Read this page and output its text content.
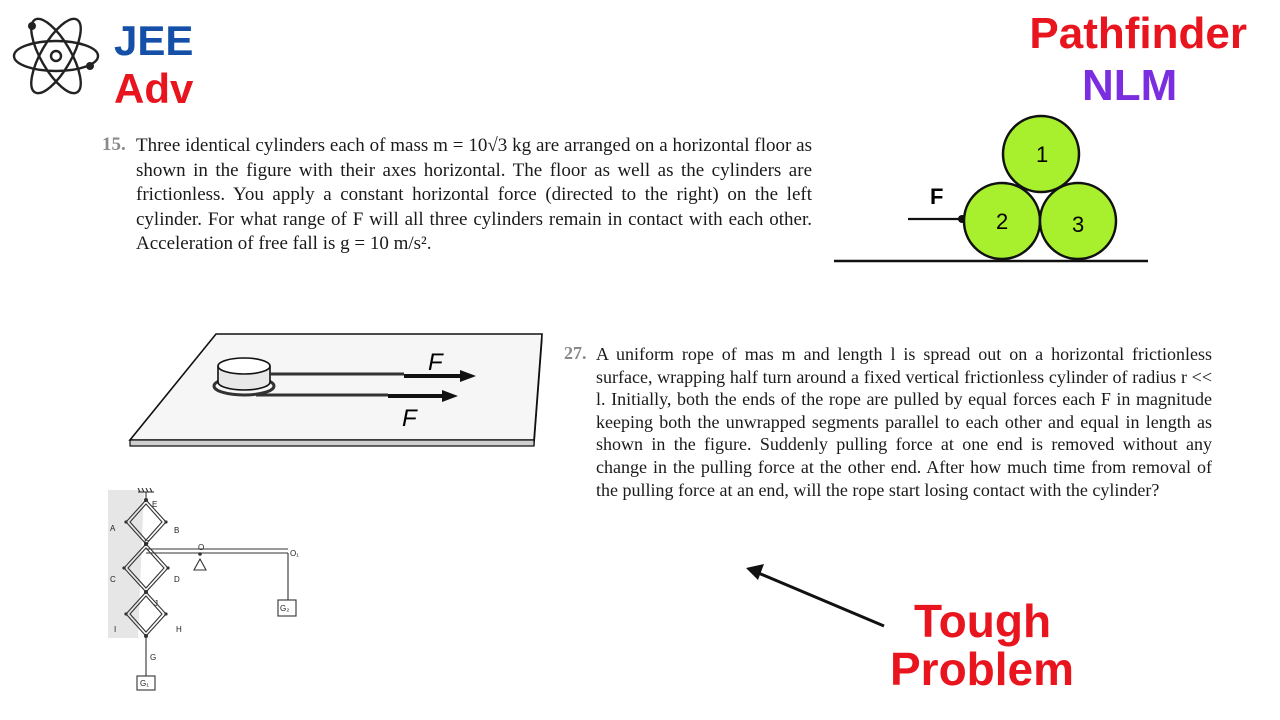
JEE
Adv
Pathfinder
NLM
15. Three identical cylinders each of mass m = 10√3 kg are arranged on a horizontal floor as shown in the figure with their axes horizontal. The floor as well as the cylinders are frictionless. You apply a constant horizontal force (directed to the right) on the left cylinder. For what range of F will all three cylinders remain in contact with each other. Acceleration of free fall is g = 10 m/s².
F
1
2	3
F
F
27. A uniform rope of mas m and length l is spread out on a horizontal frictionless surface, wrapping half turn around a fixed vertical frictionless cylinder of radius r << l. Initially, both the ends of the rope are pulled by equal forces each F in magnitude keeping both the unwrapped segments parallel to each other and equal in length as shown in the figure. Suddenly pulling force at one end is removed without any change in the pulling force at the other end. After how much time from removal of the pulling force at an end, will the rope start losing contact with the cylinder?
E
A	B
F	O
O₁
C	D
J
I	H
G
G₂
G₁
Tough
Problem
